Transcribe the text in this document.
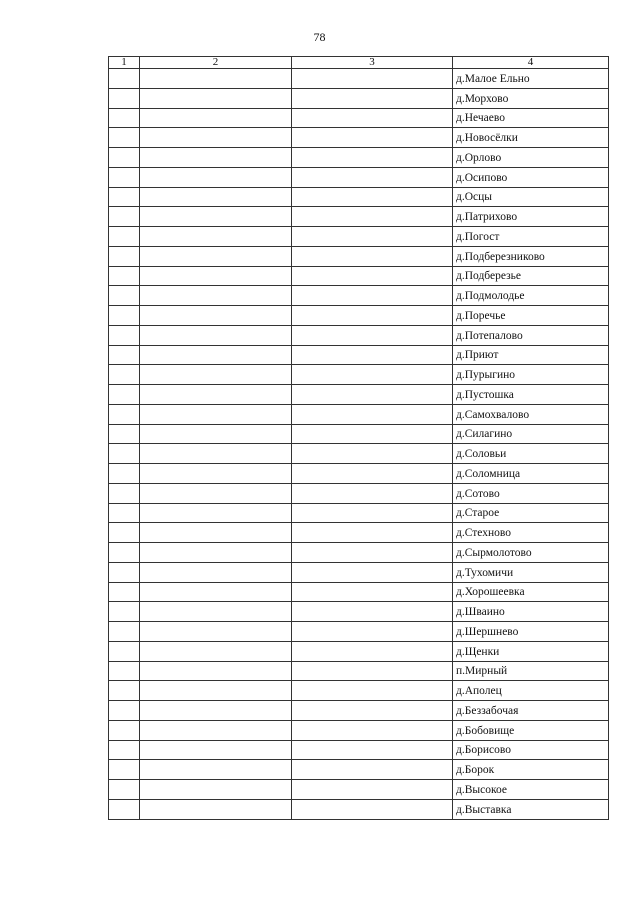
78
1	2	3	4
			д.Малое Ельно
			д.Морхово
			д.Нечаево
			д.Новосёлки
			д.Орлово
			д.Осипово
			д.Осцы
			д.Патрихово
			д.Погост
			д.Подберезниково
			д.Подберезье
			д.Подмолодье
			д.Поречье
			д.Потепалово
			д.Приют
			д.Пурыгино
			д.Пустошка
			д.Самохвалово
			д.Силагино
			д.Соловьи
			д.Соломница
			д.Сотово
			д.Старое
			д.Стехново
			д.Сырмолотово
			д.Тухомичи
			д.Хорошеевка
			д.Шваино
			д.Шершнево
			д.Щенки
			п.Мирный
			д.Аполец
			д.Беззабочая
			д.Бобовище
			д.Борисово
			д.Борок
			д.Высокое
			д.Выставка
